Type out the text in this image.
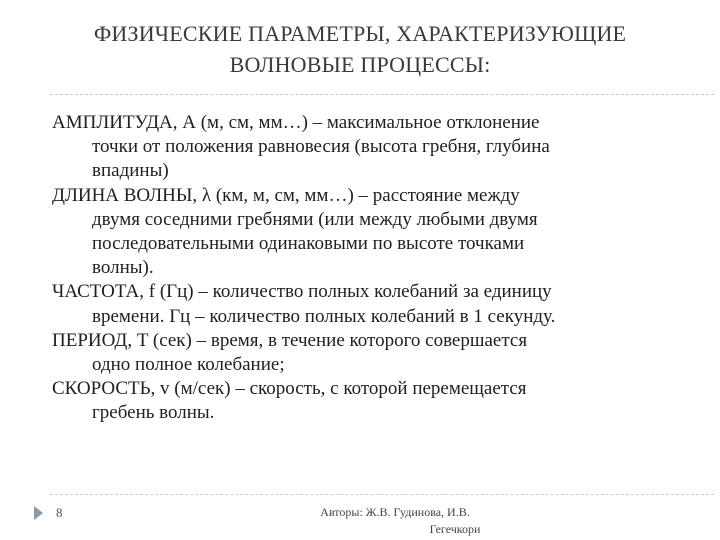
ФИЗИЧЕСКИЕ ПАРАМЕТРЫ, ХАРАКТЕРИЗУЮЩИЕ
ВОЛНОВЫЕ ПРОЦЕССЫ:

АМПЛИТУДА, А (м, см, мм…) – максимальное отклонение
точки от положения равновесия (высота гребня, глубина
впадины)

ДЛИНА ВОЛНЫ, λ (км, м, см, мм…) – расстояние между
двумя соседними гребнями (или между любыми двумя
последовательными одинаковыми по высоте точками
волны).

ЧАСТОТА, f (Гц) – количество полных колебаний за единицу
времени. Гц – количество полных колебаний в 1 секунду.

ПЕРИОД, T (сек) – время, в течение которого совершается
одно полное колебание;

СКОРОСТЬ, v (м/сек) – скорость, с которой перемещается
гребень волны.

8	Авторы: Ж.В. Гудинова, И.В.
Гегечкори
